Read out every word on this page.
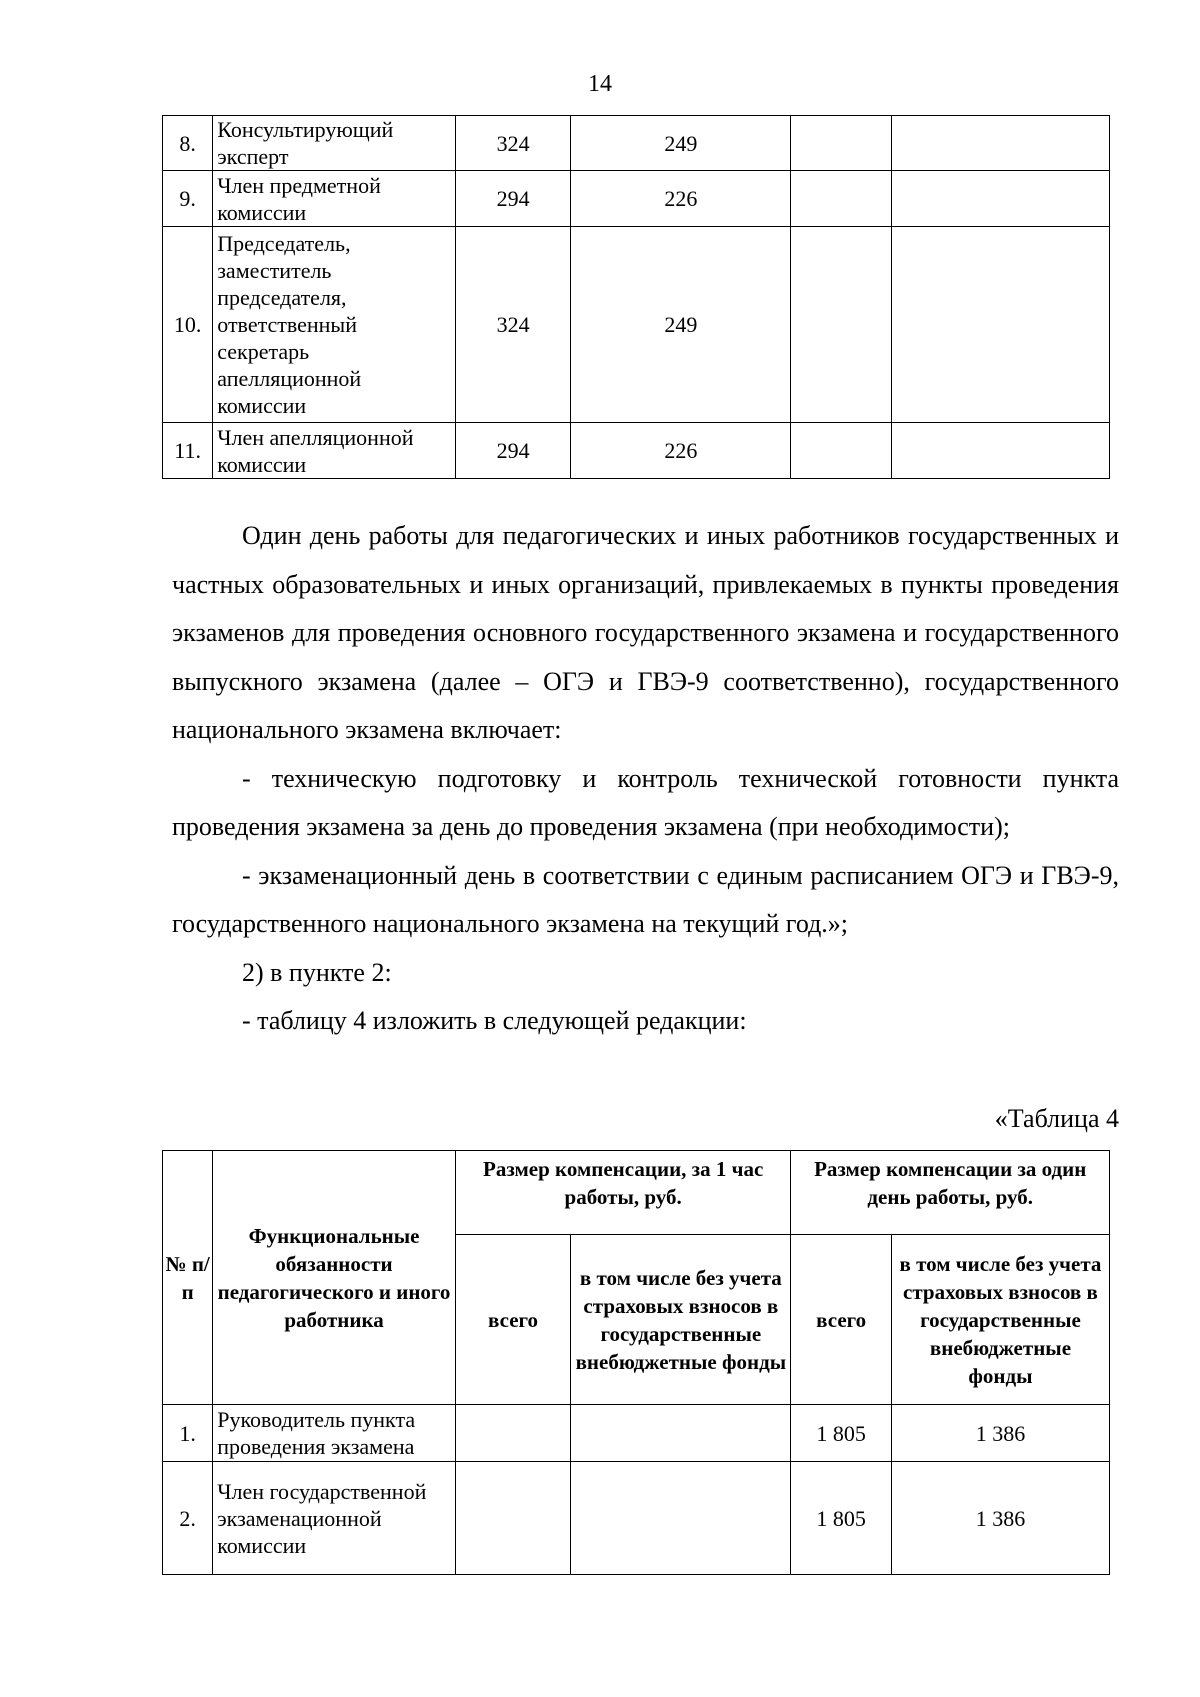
14
8.	Консультирующий эксперт	324	249		
9.	Член предметной комиссии	294	226		
10.	Председатель, заместитель председателя, ответственный секретарь апелляционной комиссии	324	249		
11.	Член апелляционной комиссии	294	226		

Один день работы для педагогических и иных работников государственных и частных образовательных и иных организаций, привлекаемых в пункты проведения экзаменов для проведения основного государственного экзамена и государственного выпускного экзамена (далее – ОГЭ и ГВЭ-9 соответственно), государственного национального экзамена включает:

- техническую подготовку и контроль технической готовности пункта проведения экзамена за день до проведения экзамена (при необходимости);

- экзаменационный день в соответствии с единым расписанием ОГЭ и ГВЭ-9, государственного национального экзамена на текущий год.»;

2) в пункте 2:

- таблицу 4 изложить в следующей редакции:

«Таблица 4
№ п/п	Функциональные обязанности педагогического и иного работника	Размер компенсации, за 1 час работы, руб.		Размер компенсации за один день работы, руб.	
		всего	в том числе без учета страховых взносов в государственные внебюджетные фонды	всего	в том числе без учета страховых взносов в государственные внебюджетные фонды
1.	Руководитель пункта проведения экзамена			1 805	1 386
2.	Член государственной экзаменационной комиссии			1 805	1 386
